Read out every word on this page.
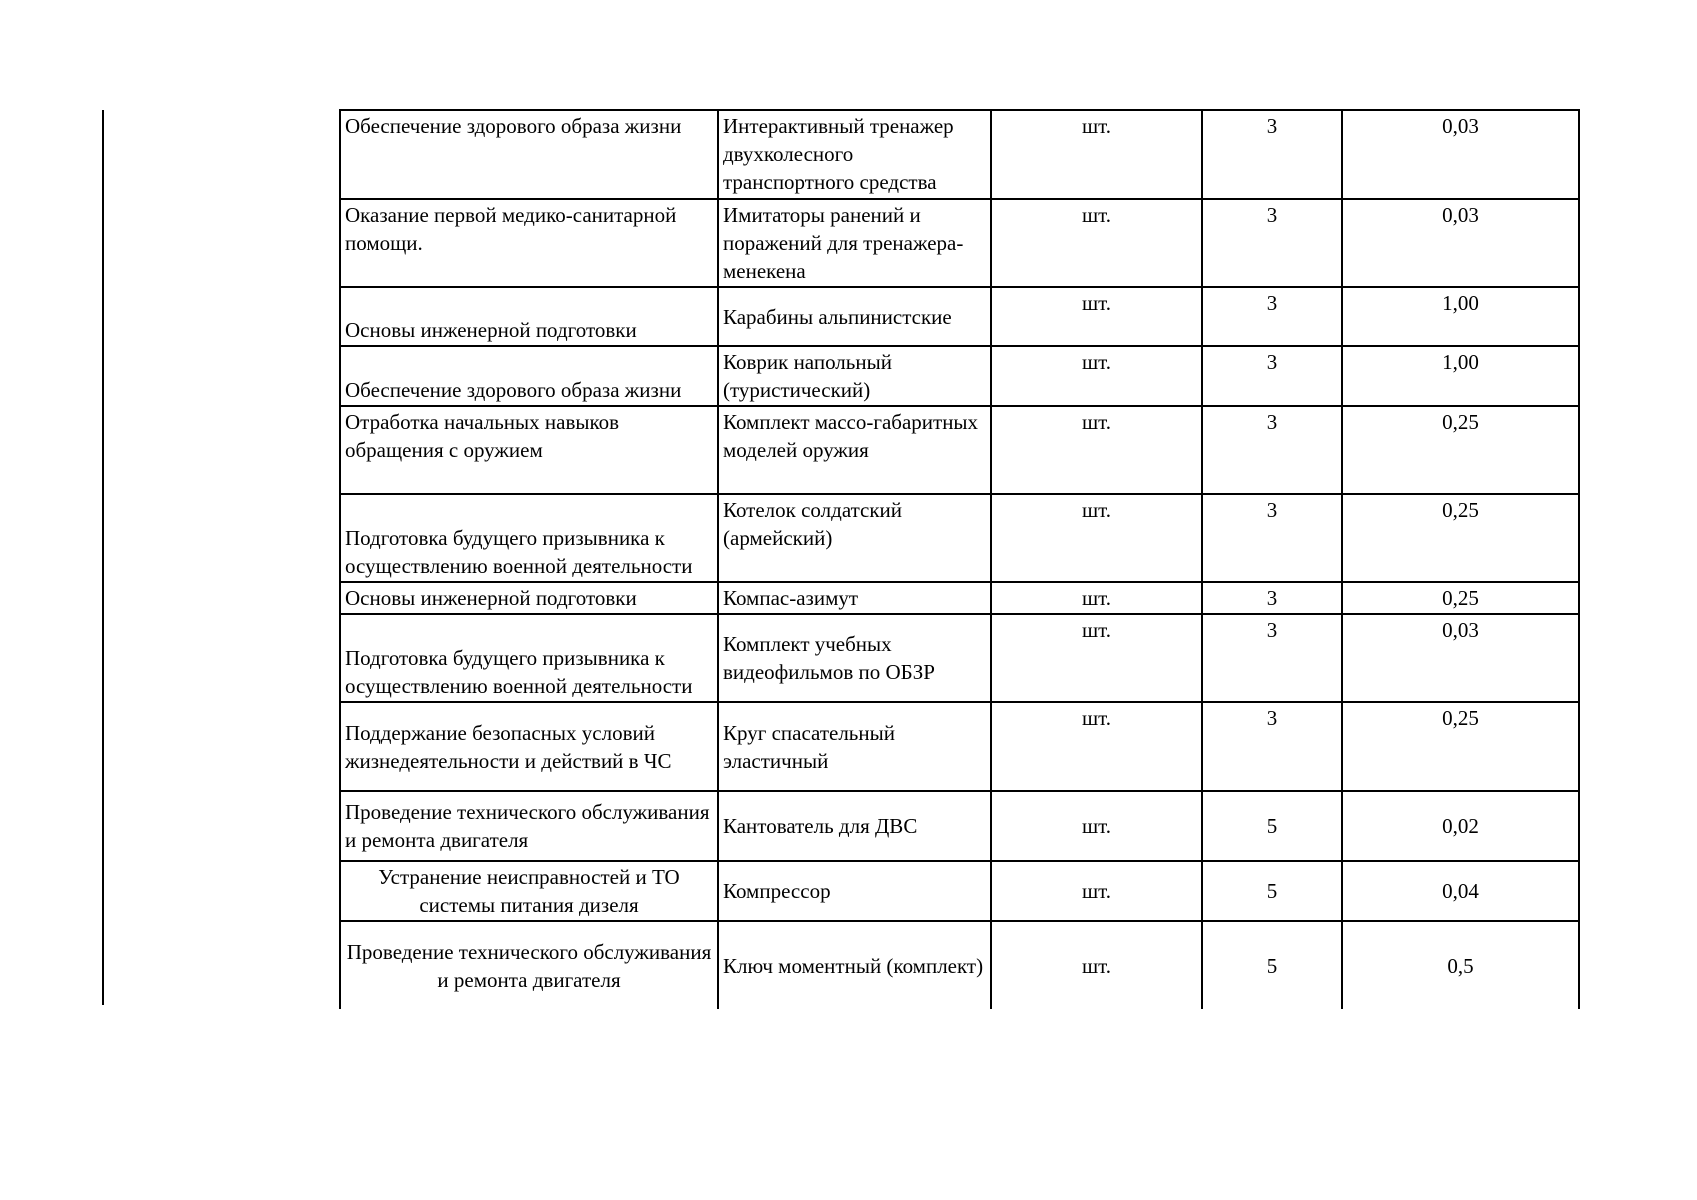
Обеспечение здорового образа жизни	Интерактивный тренажер двухколесного транспортного средства	шт.	3	0,03
Оказание первой медико-санитарной помощи.	Имитаторы ранений и поражений для тренажера-менекена	шт.	3	0,03
Основы инженерной подготовки	Карабины альпинистские	шт.	3	1,00
Обеспечение здорового образа жизни	Коврик напольный (туристический)	шт.	3	1,00
Отработка начальных навыков обращения с оружием	Комплект массо-габаритных моделей оружия	шт.	3	0,25
Подготовка будущего призывника к осуществлению военной деятельности	Котелок солдатский (армейский)	шт.	3	0,25
Основы инженерной подготовки	Компас-азимут	шт.	3	0,25
Подготовка будущего призывника к осуществлению военной деятельности	Комплект учебных видеофильмов по ОБЗР	шт.	3	0,03
Поддержание безопасных условий жизнедеятельности и действий в ЧС	Круг спасательный эластичный	шт.	3	0,25
Проведение технического обслуживания и ремонта двигателя	Кантователь для ДВС	шт.	5	0,02
Устранение неисправностей и ТО системы питания дизеля	Компрессор	шт.	5	0,04
Проведение технического обслуживания и ремонта двигателя	Ключ моментный (комплект)	шт.	5	0,5
